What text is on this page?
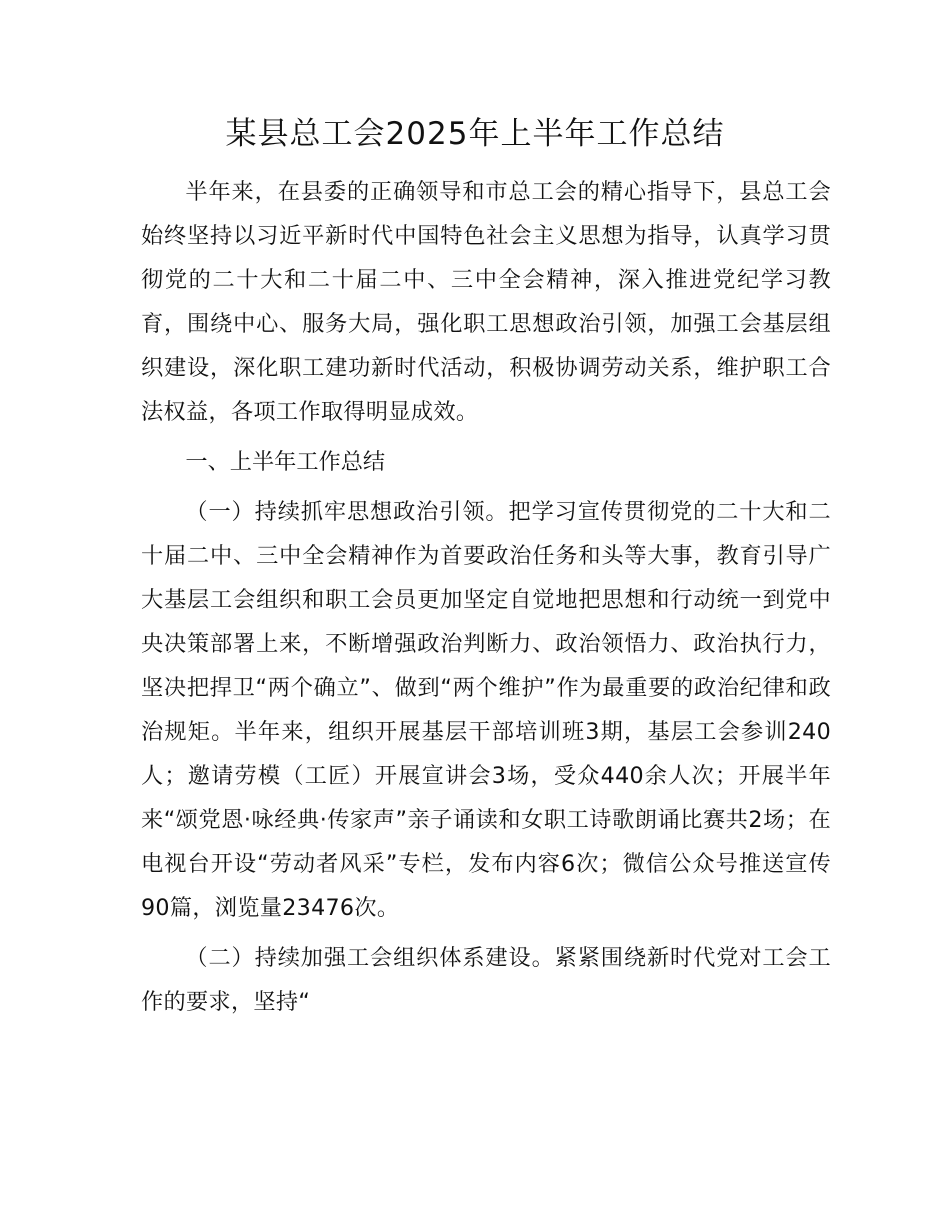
某县总工会2025年上半年工作总结

半年来，在县委的正确领导和市总工会的精心指导下，县总工会始终坚持以习近平新时代中国特色社会主义思想为指导，认真学习贯彻党的二十大和二十届二中、三中全会精神，深入推进党纪学习教育，围绕中心、服务大局，强化职工思想政治引领，加强工会基层组织建设，深化职工建功新时代活动，积极协调劳动关系，维护职工合法权益，各项工作取得明显成效。

一、上半年工作总结

（一）持续抓牢思想政治引领。把学习宣传贯彻党的二十大和二十届二中、三中全会精神作为首要政治任务和头等大事，教育引导广大基层工会组织和职工会员更加坚定自觉地把思想和行动统一到党中央决策部署上来，不断增强政治判断力、政治领悟力、政治执行力，坚决把捍卫“两个确立”、做到“两个维护”作为最重要的政治纪律和政治规矩。半年来，组织开展基层干部培训班3期，基层工会参训240人；邀请劳模（工匠）开展宣讲会3场，受众440余人次；开展半年来“颂党恩·咏经典·传家声”亲子诵读和女职工诗歌朗诵比赛共2场；在电视台开设“劳动者风采”专栏，发布内容6次；微信公众号推送宣传90篇，浏览量23476次。

（二）持续加强工会组织体系建设。紧紧围绕新时代党对工会工作的要求，坚持“
